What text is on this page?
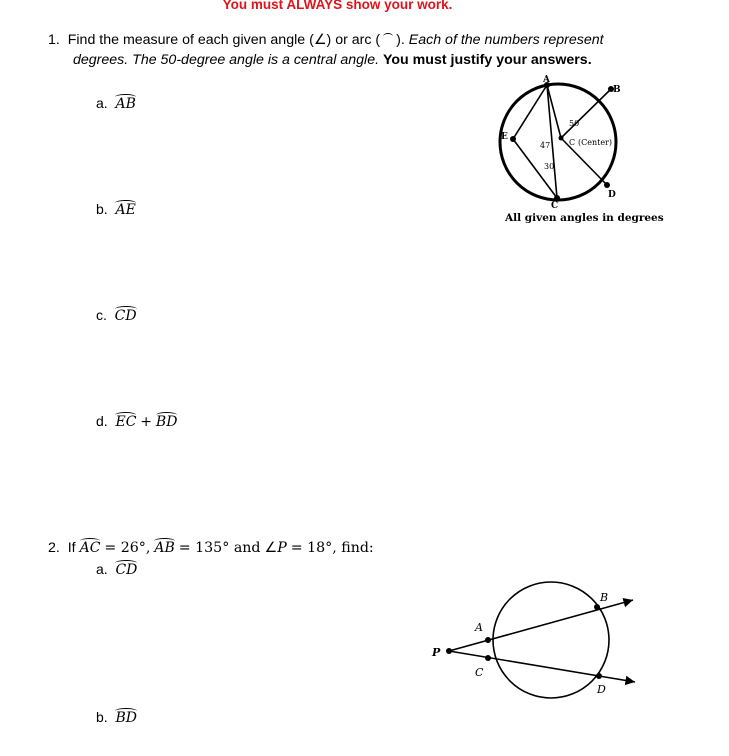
You must ALWAYS show your work.
1. Find the measure of each given angle (∠) or arc ( ). Each of the numbers represent
degrees. The 50-degree angle is a central angle. You must justify your answers.
a. AB
b. AE
c. CD
d. EC + BD
A
B
C
D
E
50
47
30
C (Center)
All given angles in degrees
2. If AC = 26°, AB = 135° and ∠P = 18°, find:
a. CD
b. BD
P
A
B
C
D
